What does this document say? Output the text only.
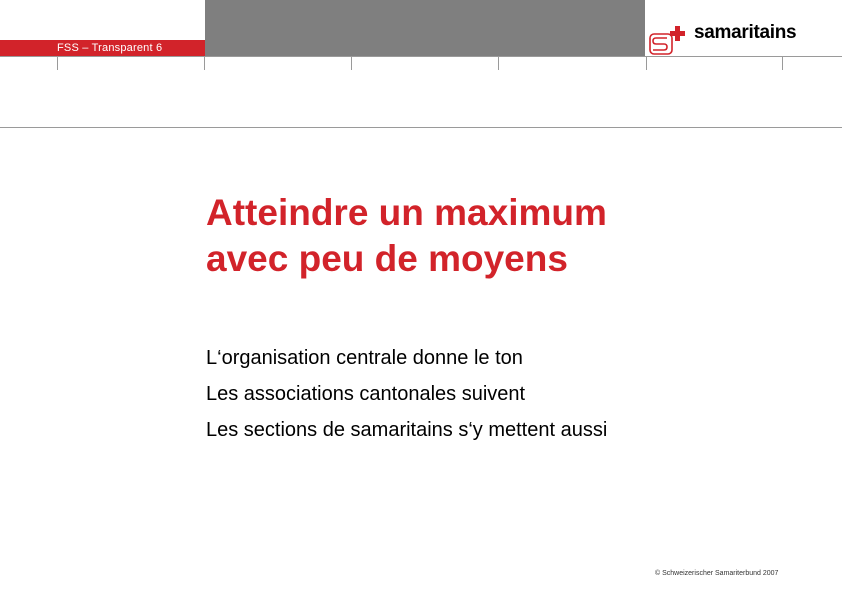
FSS – Transparent 6
samaritains
Atteindre un maximum
avec peu de moyens
L‘organisation centrale donne le ton
Les associations cantonales suivent
Les sections de samaritains s‘y mettent aussi
© Schweizerischer Samariterbund 2007
